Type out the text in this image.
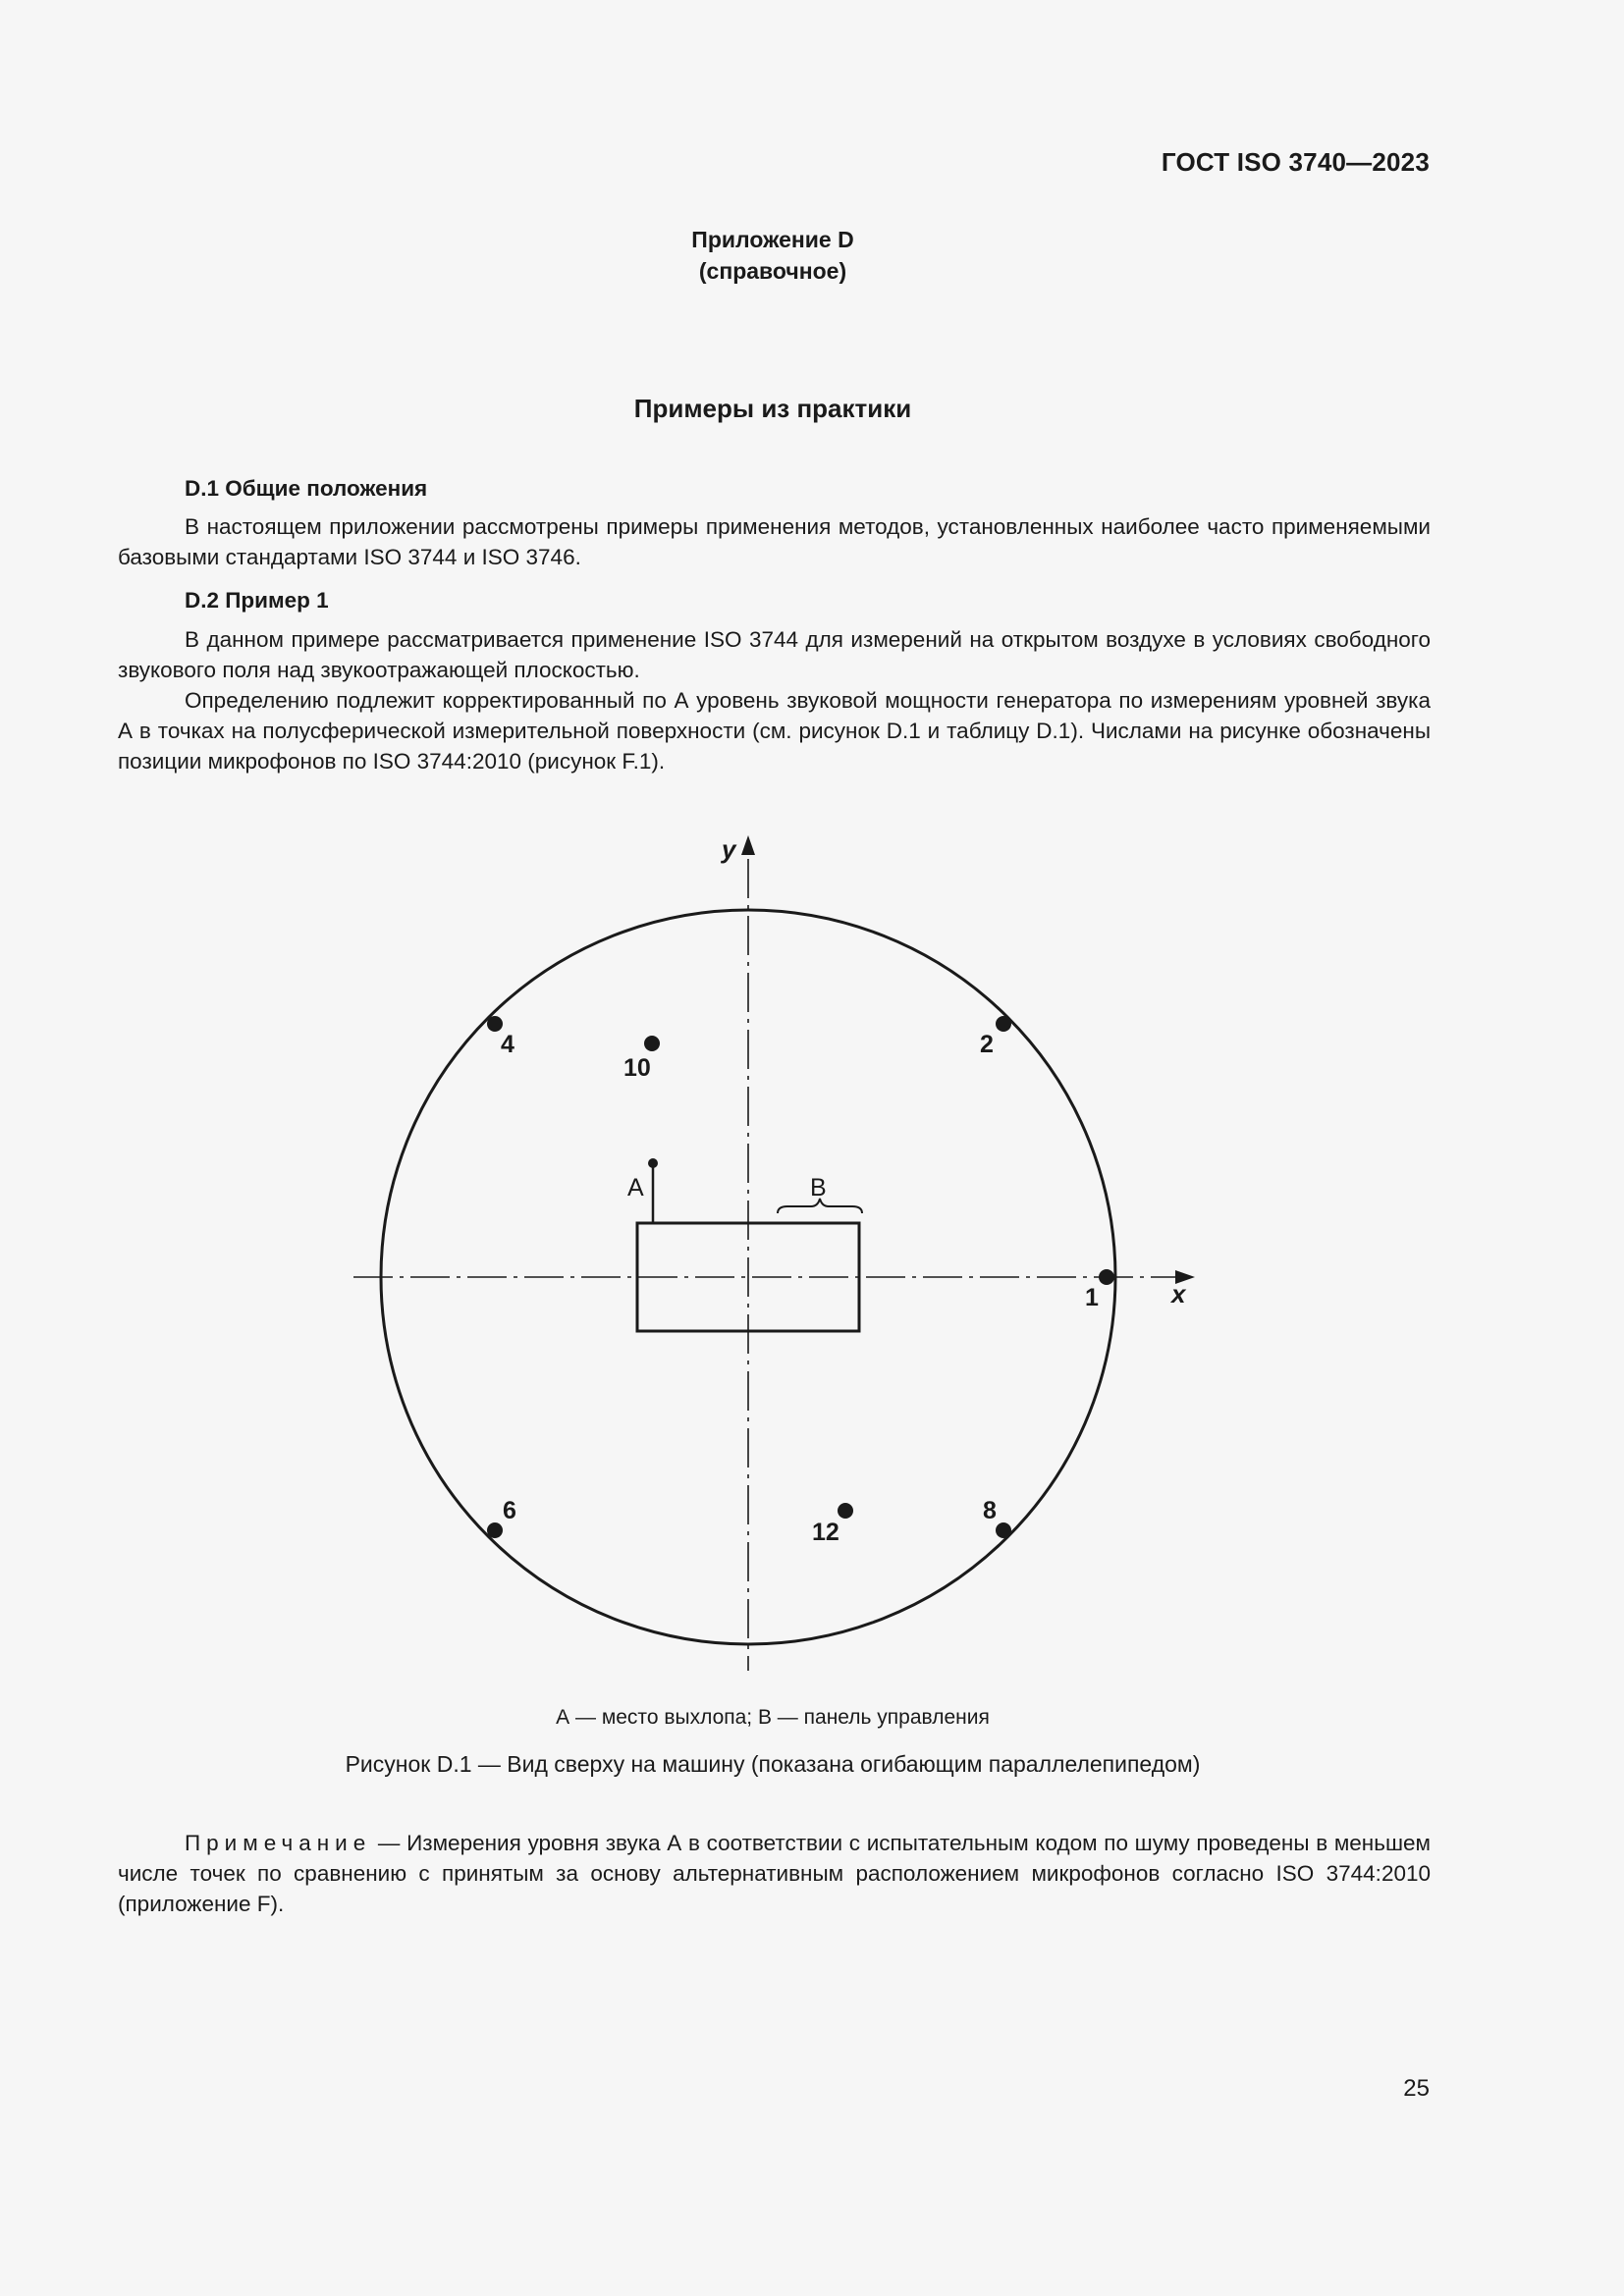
ГОСТ ISO 3740—2023
Приложение D
(справочное)
Примеры из практики
D.1 Общие положения

В настоящем приложении рассмотрены примеры применения методов, установленных наиболее часто применяемыми базовыми стандартами ISO 3744 и ISO 3746.

D.2 Пример 1

В данном примере рассматривается применение ISO 3744 для измерений на открытом воздухе в условиях свободного звукового поля над звукоотражающей плоскостью.

Определению подлежит корректированный по А уровень звуковой мощности генератора по измерениям уровней звука А в точках на полусферической измерительной поверхности (см. рисунок D.1 и таблицу D.1). Числами на рисунке обозначены позиции микрофонов по ISO 3744:2010 (рисунок F.1).

x
y
A	B
1
2
4
6	8
10
12
А — место выхлопа; В — панель управления
Рисунок D.1 — Вид сверху на машину (показана огибающим параллелепипедом)
Примечание — Измерения уровня звука А в соответствии с испытательным кодом по шуму проведены в меньшем числе точек по сравнению с принятым за основу альтернативным расположением микрофонов согласно ISO 3744:2010 (приложение F).
25
